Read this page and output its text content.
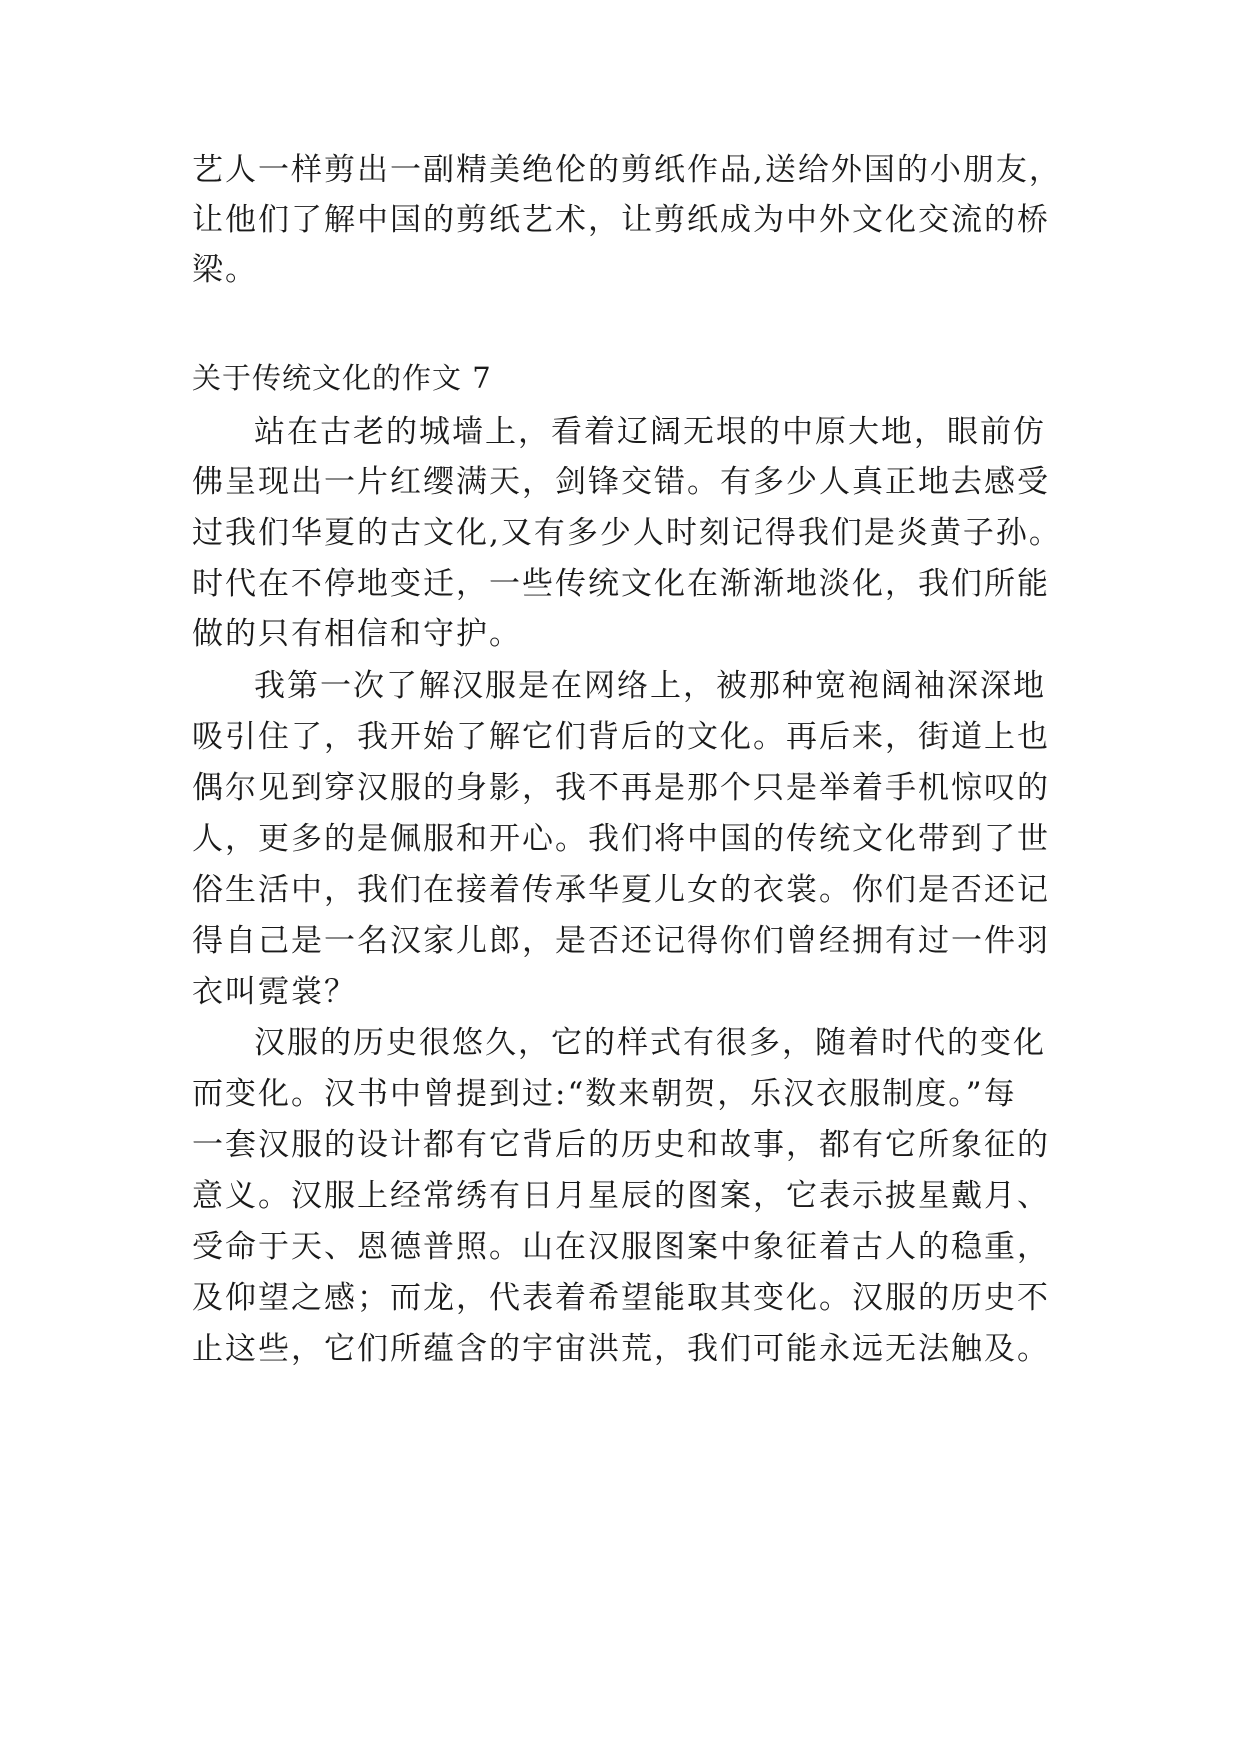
艺人一样剪出一副精美绝伦的剪纸作品,送给外国的小朋友，
让他们了解中国的剪纸艺术，让剪纸成为中外文化交流的桥
梁。
关于传统文化的作文 7
站在古老的城墙上，看着辽阔无垠的中原大地，眼前仿
佛呈现出一片红缨满天，剑锋交错。有多少人真正地去感受
过我们华夏的古文化,又有多少人时刻记得我们是炎黄子孙。
时代在不停地变迁，一些传统文化在渐渐地淡化，我们所能
做的只有相信和守护。
我第一次了解汉服是在网络上，被那种宽袍阔袖深深地
吸引住了，我开始了解它们背后的文化。再后来，街道上也
偶尔见到穿汉服的身影，我不再是那个只是举着手机惊叹的
人，更多的是佩服和开心。我们将中国的传统文化带到了世
俗生活中，我们在接着传承华夏儿女的衣裳。你们是否还记
得自己是一名汉家儿郎，是否还记得你们曾经拥有过一件羽
衣叫霓裳？
汉服的历史很悠久，它的样式有很多，随着时代的变化
而变化。汉书中曾提到过:“数来朝贺，乐汉衣服制度。”每
一套汉服的设计都有它背后的历史和故事，都有它所象征的
意义。汉服上经常绣有日月星辰的图案，它表示披星戴月、
受命于天、恩德普照。山在汉服图案中象征着古人的稳重，
及仰望之感；而龙，代表着希望能取其变化。汉服的历史不
止这些，它们所蕴含的宇宙洪荒，我们可能永远无法触及。
